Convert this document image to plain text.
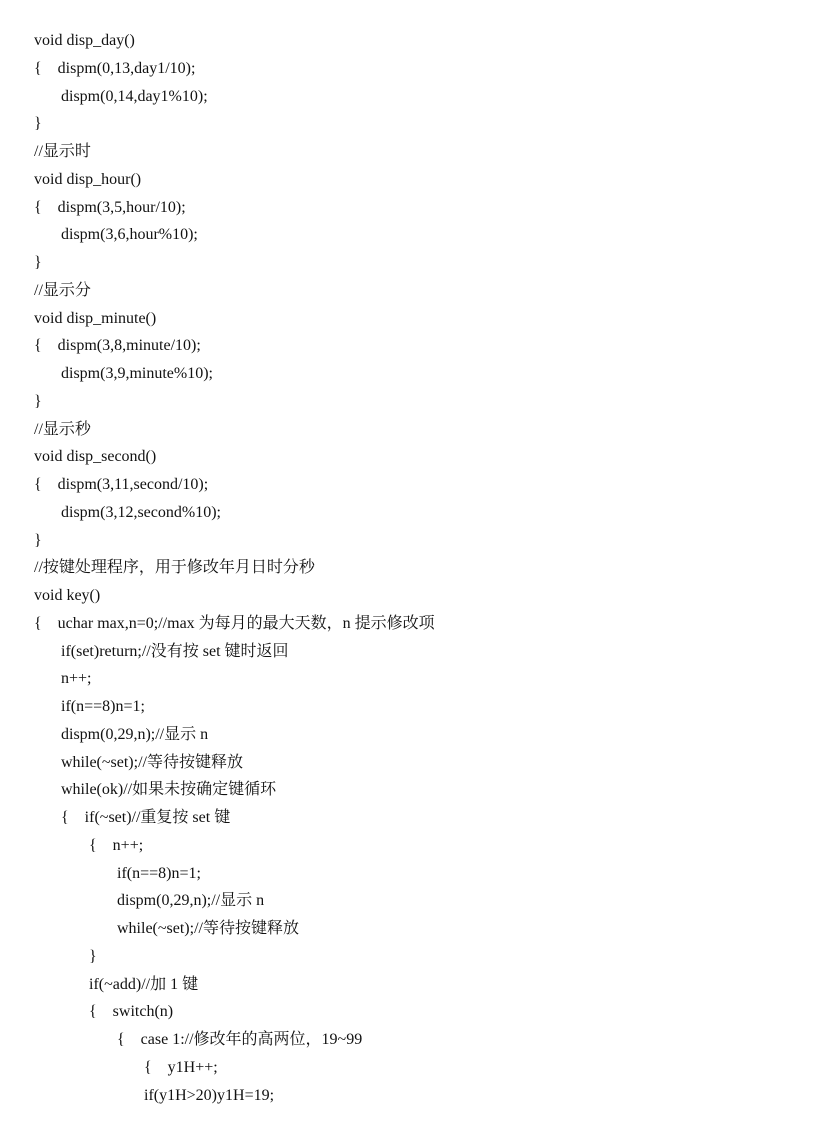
void disp_day()
{    dispm(0,13,day1/10);
dispm(0,14,day1%10);
}
//显示时
void disp_hour()
{    dispm(3,5,hour/10);
dispm(3,6,hour%10);
}
//显示分
void disp_minute()
{    dispm(3,8,minute/10);
dispm(3,9,minute%10);
}
//显示秒
void disp_second()
{    dispm(3,11,second/10);
dispm(3,12,second%10);
}
//按键处理程序，用于修改年月日时分秒
void key()
{    uchar max,n=0;//max 为每月的最大天数，n 提示修改项
if(set)return;//没有按 set 键时返回
n++;
if(n==8)n=1;
dispm(0,29,n);//显示 n
while(~set);//等待按键释放
while(ok)//如果未按确定键循环
{    if(~set)//重复按 set 键
{    n++;
if(n==8)n=1;
dispm(0,29,n);//显示 n
while(~set);//等待按键释放
}
if(~add)//加 1 键
{    switch(n)
{    case 1://修改年的高两位，19~99
{    y1H++;
if(y1H>20)y1H=19;
